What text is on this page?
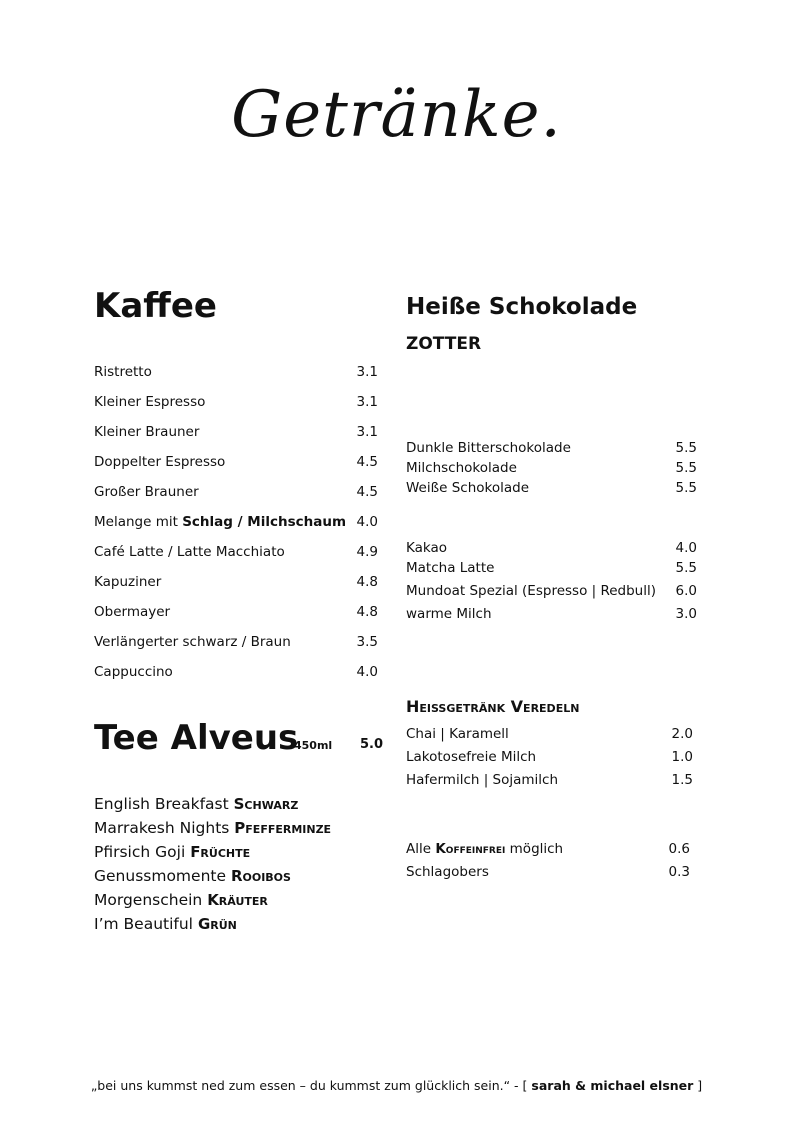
Getränke.
Kaffee
Ristretto	3.1
Kleiner Espresso	3.1
Kleiner Brauner	3.1
Doppelter Espresso	4.5
Großer Brauner	4.5
Melange mit Schlag / Milchschaum 4.0
Café Latte / Latte Macchiato	4.9
Kapuziner	4.8
Obermayer	4.8
Verlängerter schwarz / Braun	3.5
Cappuccino	4.0
Tee Alveus
450ml 5.0
English Breakfast Schwarz
Marrakesh Nights Pfefferminze
Pfirsich Goji Früchte
Genussmomente Rooibos
Morgenschein Kräuter
I’m Beautiful Grün
Heiße Schokolade
ZOTTER
Dunkle Bitterschokolade	5.5
Milchschokolade	5.5
Weiße Schokolade	5.5
Kakao	4.0
Matcha Latte	5.5
Mundoat Spezial (Espresso | Redbull) 6.0
warme Milch	3.0
Heißgetränk Veredeln
Chai | Karamell	2.0
Lakotosefreie Milch	1.0
Hafermilch | Sojamilch	1.5
Alle Koffeinfrei möglich	0.6
Schlagobers	0.3
„bei uns kummst ned zum essen – du kummst zum glücklich sein.“ - [ sarah & michael elsner ]
